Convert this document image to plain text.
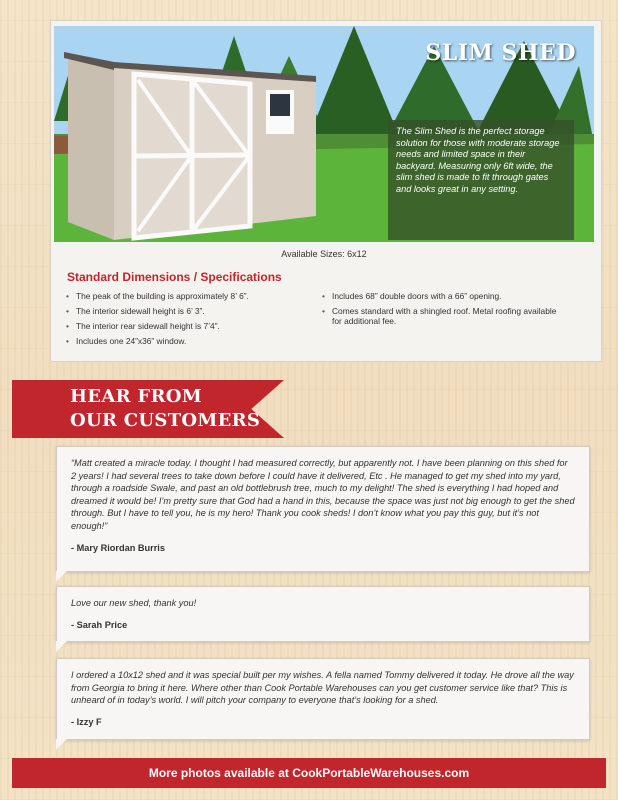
SLIM SHED
The Slim Shed is the perfect storage solution for those with moderate storage needs and limited space in their backyard. Measuring only 6ft wide, the slim shed is made to fit through gates and looks great in any setting.
Available Sizes: 6x12
Standard Dimensions / Specifications
• The peak of the building is approximately 8’ 6”.
• The interior sidewall height is 6’ 3”.
• The interior rear sidewall height is 7’4”.
• Includes one 24”x36” window.
• Includes 68” double doors with a 66” opening.
• Comes standard with a shingled roof. Metal roofing available for additional fee.
HEAR FROM
OUR CUSTOMERS
“Matt created a miracle today. I thought I had measured correctly, but apparently not. I have been planning on this shed for 2 years! I had several trees to take down before I could have it delivered, Etc . He managed to get my shed into my yard, through a roadside Swale, and past an old bottlebrush tree, much to my delight! The shed is everything I had hoped and dreamed it would be! I’m pretty sure that God had a hand in this, because the space was just not big enough to get the shed through. But I have to tell you, he is my hero! Thank you cook sheds! I don’t know what you pay this guy, but it’s not enough!”
- Mary Riordan Burris
Love our new shed, thank you!
- Sarah Price
I ordered a 10x12 shed and it was special built per my wishes. A fella named Tommy delivered it today. He drove all the way from Georgia to bring it here. Where other than Cook Portable Warehouses can you get customer service like that? This is unheard of in today’s world. I will pitch your company to everyone that’s looking for a shed.
- Izzy F
More photos available at CookPortableWarehouses.com
